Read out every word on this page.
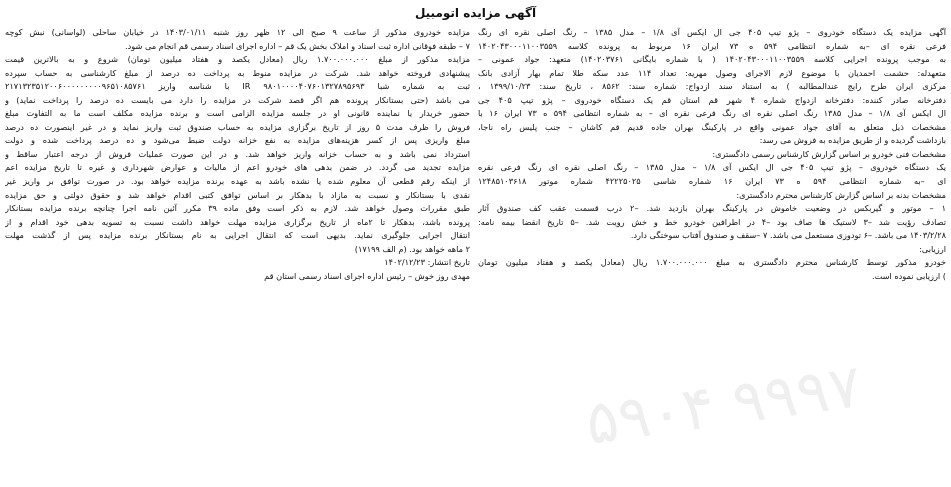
آگهی مزایده اتومبیل
آگهی مزایده یک دستگاه خودروی – پژو تیپ ۴۰۵ جی ال ایکس آی ۱/۸ – مدل ۱۳۸۵ – رنگ اصلی نقره ای رنگ
فرعی نقره ای –به شماره انتظامی ۵۹۴ ه ۷۳ ایران ۱۶ مربوط به پرونده کلاسه ۱۴۰۲۰۴۳۰۰۰۱۱۰۰۳۵۵۹
به موجب پرونده اجرایی کلاسه ۱۴۰۲۰۴۳۰۰۰۱۱۰۰۳۵۵۹ ( با شماره بایگانی ۱۴۰۲۰۳۷۶۱) متعهد: جواد عمونی –
متعهدله: حشمت احمدیان با موضوع لازم الاجرای وصول مهریه: تعداد ۱۱۴ عدد سکه طلا تمام بهار آزادی بانک
مرکزی ایران طرح رایج عندالمطالبه ) به استناد سند ازدواج: شماره سند: ۸۵۶۲ ، تاریخ سند: ۱۳۹۹/۱۰/۲۳ ،
دفترخانه صادر کننده: دفترخانه ازدواج شماره ۴ شهر قم استان قم یک دستگاه خودروی – پژو تیپ ۴۰۵ جی
ال ایکس آی ۱/۸ – مدل ۱۳۸۵ رنگ اصلی نقره ای رنگ فرعی نقره ای – به شماره انتظامی ۵۹۴ ه ۷۳ ایران ۱۶ با
مشخصات ذیل متعلق به آقای جواد عمونی واقع در پارکینگ بهران جاده قدیم قم کاشان – جنب پلیس راه ناجا،
بازداشت گردیده و از طریق مزایده به فروش می رسد:
مشخصات فنی خودرو بر اساس گزارش کارشناس رسمی دادگستری:
یک دستگاه خودروی – پژو تیپ ۴۰۵ جی ال ایکس آی ۱/۸ – مدل ۱۳۸۵ – رنگ اصلی نقره ای رنگ فرعی نقره
ای –به شماره انتظامی ۵۹۴ ه ۷۳ ایران ۱۶ شماره شاسی ۴۲۲۲۵۰۲۵ شماره موتور ۱۲۴۸۵۱۰۳۶۱۸
مشخصات بدنه بر اساس گزارش کارشناس محترم دادگستری:
۱ – موتور و گیربکس در وضعیت خاموش در پارکینگ بهران بازدید شد. –۲ درب قسمت عقب کف صندوق آثار
تصادف رؤیت شد –۳ لاستیک ها صاف بود –۴ در اطرافین خودرو خط و خش رویت شد. –۵ تاریخ انقضا بیمه نامه:
۱۴۰۳/۲/۲۸ می باشد. –۶ تودوزی مستعمل می باشد. ۷ –سقف و صندوق آفتاب سوختگی دارد.
ارزیابی:
خودرو مذکور توسط کارشناس محترم دادگستری به مبلغ ۱.۷۰۰.۰۰۰.۰۰۰ ریال (معادل یکصد و هفتاد میلیون تومان
) ارزیابی نموده است.
مزایده خودروی مذکور از ساعت ۹ صبح الی ۱۲ ظهر روز شنبه ۱۴۰۳/۰۱/۱۱ در خیابان ساحلی (لواسانی) نبش کوچه
۷ – طبقه فوقانی اداره ثبت اسناد و املاک بخش یک قم – اداره اجرای اسناد رسمی قم انجام می شود.
مزایده مذکور از مبلغ ۱.۷۰۰.۰۰۰.۰۰۰ ریال (معادل یکصد و هفتاد میلیون تومان) شروع و به بالاترین قیمت
پیشنهادی فروخته خواهد شد. شرکت در مزایده منوط به پرداخت ده درصد از مبلغ کارشناسی به حساب سپرده
ثبت به شماره شبا IR ۹۸۰۱۰۰۰۰۴۰۷۶۰۱۳۲۷۸۹۵۶۹۳ با شناسه واریز ۲۱۷۱۳۲۳۵۱۲۰۰۶۰۰۰۰۰۰۰۰۰۹۶۵۱۰۸۵۷۶۱
می باشد (حتی بستانکار پرونده هم اگر قصد شرکت در مزایده را دارد می بایست ده درصد را پرداخت نماید) و
حضور خریدار یا نماینده قانونی او در جلسه مزایده الزامی است و برنده مزایده مکلف است ما به التفاوت مبلغ
فروش را ظرف مدت ۵ روز از تاریخ برگزاری مزایده به حساب صندوق ثبت واریز نماید و در غیر اینصورت ده درصد
مبلغ واریزی پس از کسر هزینه‌های مزایده به نفع خزانه دولت ضبط می‌شود و ده درصد پرداخت شده و دولت
استرداد نمی باشد و به حساب خزانه واریز خواهد شد. و در این صورت عملیات فروش از درجه اعتبار ساقط و
مزایده تجدید می گردد. در ضمن بدهی های خودرو اعم از مالیات و عوارض شهرداری و غیره تا تاریخ مزایده اعم
از اینکه رقم قطعی آن معلوم شده یا نشده باشد به عهده برنده مزایده خواهد بود. در صورت توافق بر واریز غیر
نقدی با بستانکار و نسبت به مازاد با بدهکار بر اساس توافق کتبی اقدام خواهد شد و حقوق دولتی و حق مزایده
طبق مقررات وصول خواهد شد. لازم به ذکر است وفق ماده ۳۹ مکرر آئین نامه اجرا چنانچه برنده مزایده بستانکار
پرونده باشد، بدهکار تا ۲ماه از تاریخ برگزاری مزایده مهلت خواهد داشت نسبت به تسویه بدهی خود اقدام و از
انتقال اجرایی جلوگیری نماید. بدیهی است که انتقال اجرایی به نام بستانکار برنده مزایده پس از گذشت مهلت
۲ ماهه خواهد بود. (م الف ۱۷۱۹۹)
تاریخ انتشار: ۱۴۰۲/۱۲/۲۳
مهدی روز خوش – رئیس اداره اجرای اسناد رسمی استان قم
۹۹۹۷ ۵۹۰۴
